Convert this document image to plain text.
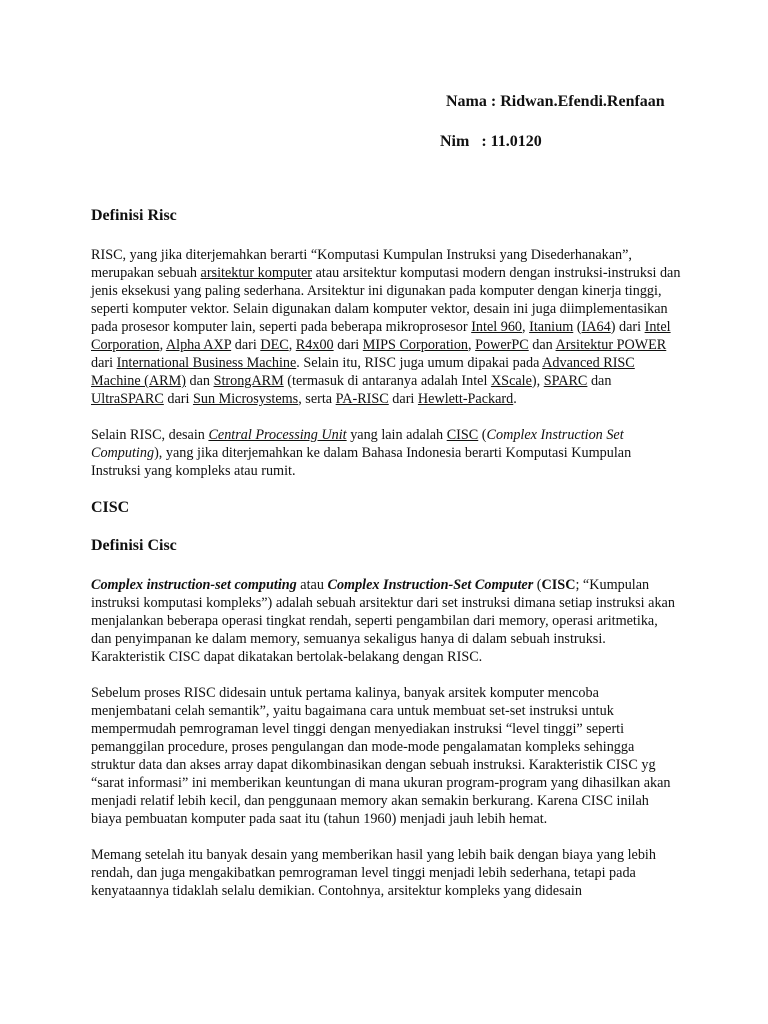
Nama : Ridwan.Efendi.Renfaan
Nim   : 11.0120
Definisi Risc

RISC, yang jika diterjemahkan berarti “Komputasi Kumpulan Instruksi yang Disederhanakan”, merupakan sebuah arsitektur komputer atau arsitektur komputasi modern dengan instruksi-instruksi dan jenis eksekusi yang paling sederhana. Arsitektur ini digunakan pada komputer dengan kinerja tinggi, seperti komputer vektor. Selain digunakan dalam komputer vektor, desain ini juga diimplementasikan pada prosesor komputer lain, seperti pada beberapa mikroprosesor Intel 960, Itanium (IA64) dari Intel Corporation, Alpha AXP dari DEC, R4x00 dari MIPS Corporation, PowerPC dan Arsitektur POWER dari International Business Machine. Selain itu, RISC juga umum dipakai pada Advanced RISC Machine (ARM) dan StrongARM (termasuk di antaranya adalah Intel XScale), SPARC dan UltraSPARC dari Sun Microsystems, serta PA-RISC dari Hewlett-Packard.

Selain RISC, desain Central Processing Unit yang lain adalah CISC (Complex Instruction Set Computing), yang jika diterjemahkan ke dalam Bahasa Indonesia berarti Komputasi Kumpulan Instruksi yang kompleks atau rumit.

CISC
Definisi Cisc

Complex instruction-set computing atau Complex Instruction-Set Computer (CISC; “Kumpulan instruksi komputasi kompleks”) adalah sebuah arsitektur dari set instruksi dimana setiap instruksi akan menjalankan beberapa operasi tingkat rendah, seperti pengambilan dari memory, operasi aritmetika, dan penyimpanan ke dalam memory, semuanya sekaligus hanya di dalam sebuah instruksi. Karakteristik CISC dapat dikatakan bertolak-belakang dengan RISC.

Sebelum proses RISC didesain untuk pertama kalinya, banyak arsitek komputer mencoba menjembatani celah semantik”, yaitu bagaimana cara untuk membuat set-set instruksi untuk mempermudah pemrograman level tinggi dengan menyediakan instruksi “level tinggi” seperti pemanggilan procedure, proses pengulangan dan mode-mode pengalamatan kompleks sehingga struktur data dan akses array dapat dikombinasikan dengan sebuah instruksi. Karakteristik CISC yg “sarat informasi” ini memberikan keuntungan di mana ukuran program-program yang dihasilkan akan menjadi relatif lebih kecil, dan penggunaan memory akan semakin berkurang. Karena CISC inilah biaya pembuatan komputer pada saat itu (tahun 1960) menjadi jauh lebih hemat.

Memang setelah itu banyak desain yang memberikan hasil yang lebih baik dengan biaya yang lebih rendah, dan juga mengakibatkan pemrograman level tinggi menjadi lebih sederhana, tetapi pada kenyataannya tidaklah selalu demikian. Contohnya, arsitektur kompleks yang didesain
